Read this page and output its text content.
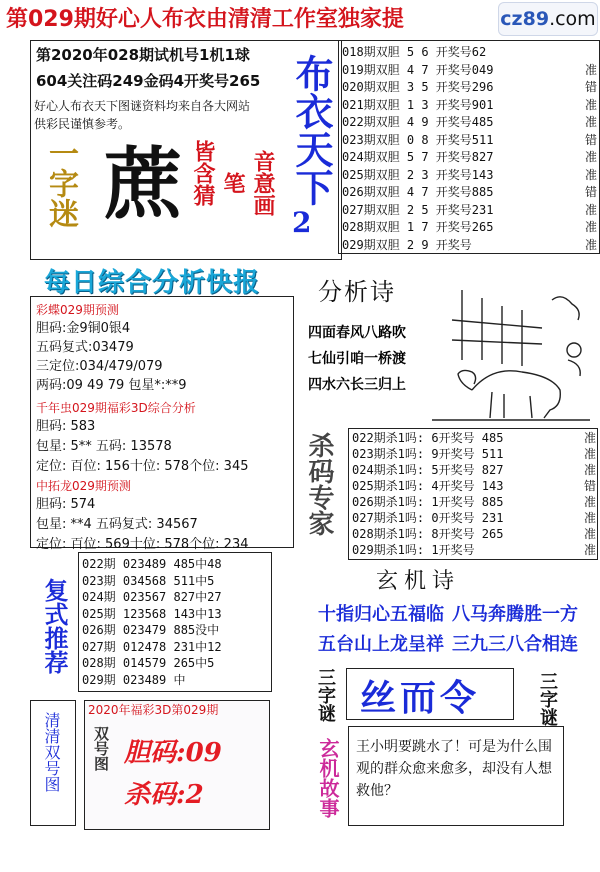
第029期好心人布衣由清清工作室独家提	cz89.com
第2020年028期试机号1机1球
604关注码249金码4开奖号265
好心人布衣天下图谜资料均来自各大网站
供彩民谨慎参考。
一字迷 蔗 皆含猜 笔 音意画 布衣天下
2
018期双胆 5 6 开奖号62
019期双胆 4 7 开奖号049	准
020期双胆 3 5 开奖号296	错
021期双胆 1 3 开奖号901	准
022期双胆 4 9 开奖号485	准
023期双胆 0 8 开奖号511	错
024期双胆 5 7 开奖号827	准
025期双胆 2 3 开奖号143	准
026期双胆 4 7 开奖号885	错
027期双胆 2 5 开奖号231	准
028期双胆 1 7 开奖号265	准
029期双胆 2 9 开奖号	准
每日综合分析快报
彩蝶029期预测
胆码:金9铜0银4
五码复式:03479
三定位:034/479/079
两码:09 49 79 包星*:**9
千年虫029期福彩3D综合分析
胆码: 583
包星: 5** 五码: 13578
定位: 百位: 156十位: 578个位: 345
中拓龙029期预测
胆码: 574
包星: **4 五码复式: 34567
定位: 百位: 569十位: 578个位: 234
分析诗
四面春风八路吹
七仙引咱一桥渡
四水六长三归上
杀码专家 022期杀1吗: 6开奖号 485	准
023期杀1吗: 9开奖号 511	准
024期杀1吗: 5开奖号 827	准
025期杀1吗: 4开奖号 143	错
026期杀1吗: 1开奖号 885	准
027期杀1吗: 0开奖号 231	准
028期杀1吗: 8开奖号 265	准
029期杀1吗: 1开奖号	准
复式推荐
022期 023489 485中48
023期 034568 511中5
024期 023567 827中27
025期 123568 143中13
026期 023479 885没中
027期 012478 231中12
028期 014579 265中5
029期 023489 中
玄机诗
十指归心五福临 八马奔腾胜一方
五台山上龙呈祥 三九三八合相连
三字谜 丝而令	三字谜
清清双号图
2020年福彩3D第029期
双号图 胆码:09
杀码:2	玄机故事 王小明要跳水了！可是为什么围观的群众愈来愈多，却没有人想救他？
